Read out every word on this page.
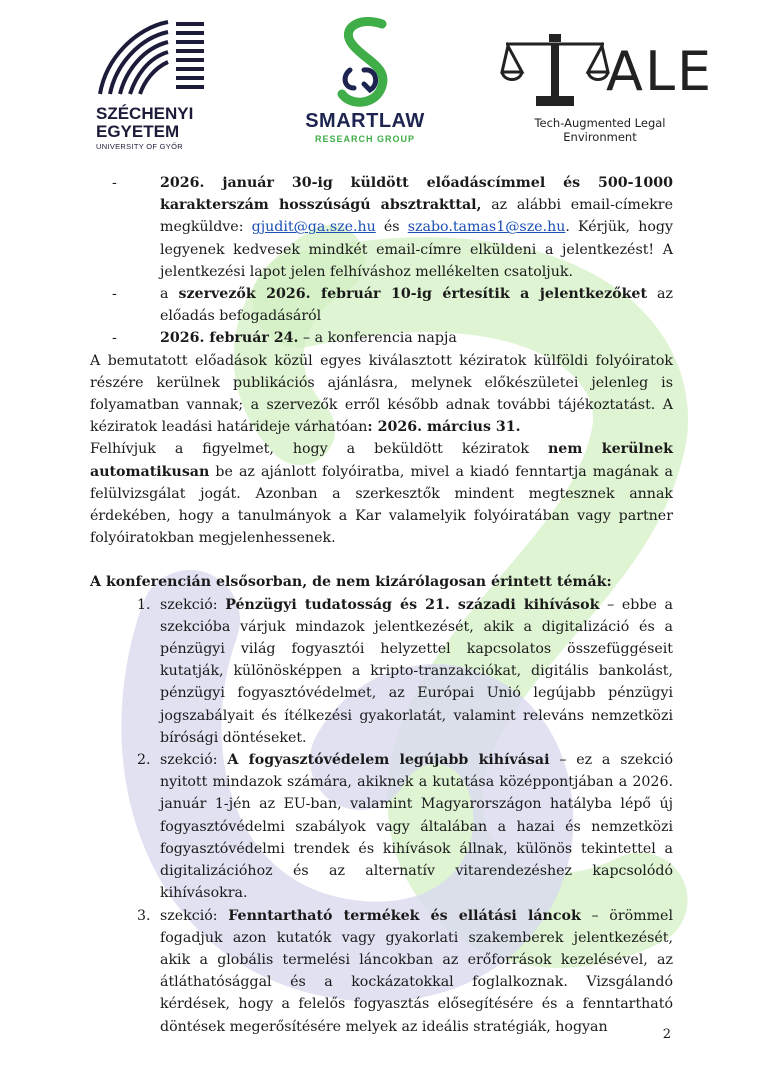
SZÉCHENYI
EGYETEM
UNIVERSITY OF GYŐR
SMARTLAW
RESEARCH GROUP
ALE
Tech-Augmented Legal Environment
- 2026. január 30-ig küldött előadáscímmel és 500-1000 karakterszám hosszúságú absztrakttal, az alábbi email-címekre megküldve: gjudit@ga.sze.hu és szabo.tamas1@sze.hu. Kérjük, hogy legyenek kedvesek mindkét email-címre elküldeni a jelentkezést! A jelentkezési lapot jelen felhíváshoz mellékelten csatoljuk.
- a szervezők 2026. február 10-ig értesítik a jelentkezőket az előadás befogadásáról
- 2026. február 24. – a konferencia napja

A bemutatott előadások közül egyes kiválasztott kéziratok külföldi folyóiratok részére kerülnek publikációs ajánlásra, melynek előkészületei jelenleg is folyamatban vannak; a szervezők erről később adnak további tájékoztatást. A kéziratok leadási határideje várhatóan: 2026. március 31.

Felhívjuk a figyelmet, hogy a beküldött kéziratok nem kerülnek automatikusan be az ajánlott folyóiratba, mivel a kiadó fenntartja magának a felülvizsgálat jogát. Azonban a szerkesztők mindent megtesznek annak érdekében, hogy a tanulmányok a Kar valamelyik folyóiratában vagy partner folyóiratokban megjelenhessenek.

A konferencián elsősorban, de nem kizárólagosan érintett témák:

1. szekció: Pénzügyi tudatosság és 21. századi kihívások – ebbe a szekcióba várjuk mindazok jelentkezését, akik a digitalizáció és a pénzügyi világ fogyasztói helyzettel kapcsolatos összefüggéseit kutatják, különösképpen a kripto-tranzakciókat, digitális bankolást, pénzügyi fogyasztóvédelmet, az Európai Unió legújabb pénzügyi jogszabályait és ítélkezési gyakorlatát, valamint releváns nemzetközi bírósági döntéseket.
2. szekció: A fogyasztóvédelem legújabb kihívásai – ez a szekció nyitott mindazok számára, akiknek a kutatása középpontjában a 2026. január 1-jén az EU-ban, valamint Magyarországon hatályba lépő új fogyasztóvédelmi szabályok vagy általában a hazai és nemzetközi fogyasztóvédelmi trendek és kihívások állnak, különös tekintettel a digitalizációhoz és az alternatív vitarendezéshez kapcsolódó kihívásokra.
3. szekció: Fenntartható termékek és ellátási láncok – örömmel fogadjuk azon kutatók vagy gyakorlati szakemberek jelentkezését, akik a globális termelési láncokban az erőforrások kezelésével, az átláthatósággal és a kockázatokkal foglalkoznak. Vizsgálandó kérdések, hogy a felelős fogyasztás elősegítésére és a fenntartható döntések megerősítésére melyek az ideális stratégiák, hogyan	2
